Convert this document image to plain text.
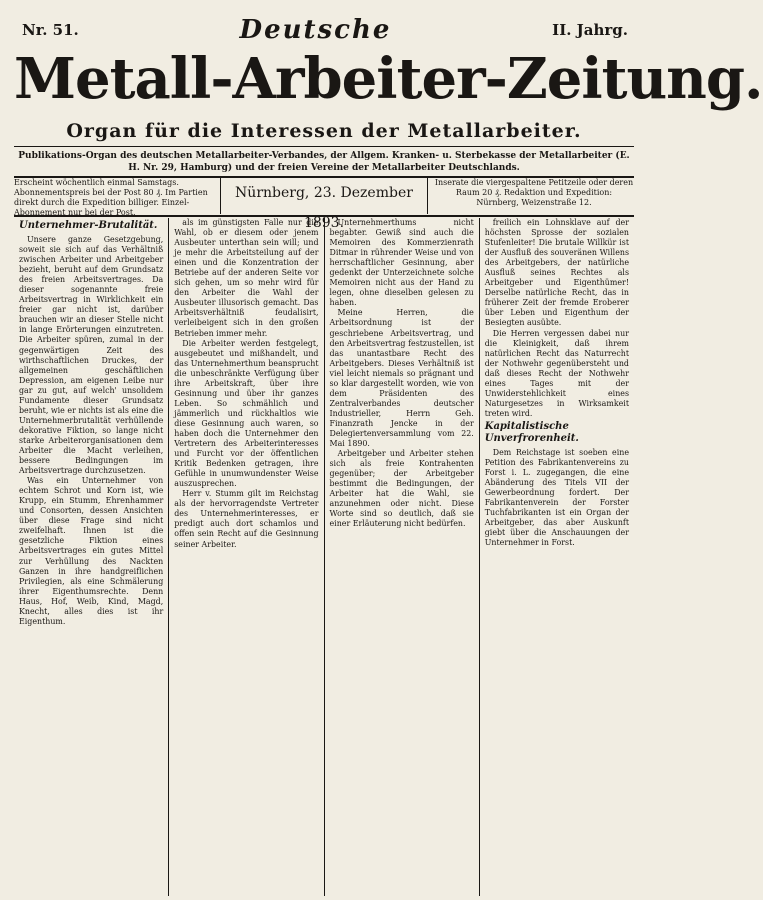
Nr. 51.	Deutsche	II. Jahrg.
Metall-Arbeiter-Zeitung.
Organ für die Interessen der Metallarbeiter.
Publikations-Organ des deutschen Metallarbeiter-Verbandes, der Allgem. Kranken- u. Sterbekasse der Metallarbeiter (E. H. Nr. 29, Hamburg) und der freien Vereine der Metallarbeiter Deutschlands.
Erscheint wöchentlich einmal Samstags. Abonnementspreis bei der Post 80 ₰. Im Partien direkt durch die Expedition billiger. Einzel-Abonnement nur bei der Post.
Nürnberg, 23. Dezember 1893.
Inserate die viergespaltene Petitzeile oder deren Raum 20 ₰. Redaktion und Expedition: Nürnberg, Weizenstraße 12.
Unternehmer-Brutalität.

Unsere ganze Gesetzgebung, soweit sie sich auf das Verhältniß zwischen Arbeiter und Arbeitgeber bezieht, beruht auf dem Grundsatz des freien Arbeitsvertrages. Da dieser sogenannte freie Arbeitsvertrag in Wirklichkeit ein freier gar nicht ist, darüber brauchen wir an dieser Stelle nicht in lange Erörterungen einzutreten. Die Arbeiter spüren, zumal in der gegenwärtigen Zeit des wirthschaftlichen Druckes, der allgemeinen geschäftlichen Depression, am eigenen Leibe nur gar zu gut, auf welch' unsolidem Fundamente dieser Grundsatz beruht, wie er nichts ist als eine die Unternehmerbrutalität verhüllende dekorative Fiktion, so lange nicht starke Arbeiterorganisationen dem Arbeiter die Macht verleihen, bessere Bedingungen im Arbeitsvertrage durchzusetzen.

Was ein Unternehmer von echtem Schrot und Korn ist, wie Krupp, ein Stumm, Ehrenhammer und Consorten, dessen Ansichten über diese Frage sind nicht zweifelhaft. Ihnen ist die gesetzliche Fiktion eines Arbeitsvertrages ein gutes Mittel zur Verhüllung des Nackten Ganzen in ihre handgreiflichen Privilegien, als eine Schmälerung ihrer Eigenthumsrechte. Denn Haus, Hof, Weib, Kind, Magd, Knecht, alles dies ist ihr Eigenthum.

als im günstigsten Falle nur die Wahl, ob er diesem oder jenem Ausbeuter unterthan sein will; und je mehr die Arbeitsteilung auf der einen und die Konzentration der Betriebe auf der anderen Seite vor sich gehen, um so mehr wird für den Arbeiter die Wahl der Ausbeuter illusorisch gemacht. Das Arbeitsverhältniß feudalisirt, verleibeigent sich in den großen Betrieben immer mehr.

Die Arbeiter werden festgelegt, ausgebeutet und mißhandelt, und das Unternehmerthum beansprucht die unbeschränkte Verfügung über ihre Arbeitskraft, über ihre Gesinnung und über ihr ganzes Leben. So schmählich und jämmerlich und rückhaltlos wie diese Gesinnung auch waren, so haben doch die Unternehmer den Vertretern des Arbeiterinteresses und Furcht vor der öffentlichen Kritik Bedenken getragen, ihre Gefühle in unumwundenster Weise auszusprechen.

Herr v. Stumm gilt im Reichstag als der hervorragendste Vertreter des Unternehmerinteresses, er predigt auch dort schamlos und offen sein Recht auf die Gesinnung seiner Arbeiter.

Unternehmerthums nicht begabter. Gewiß sind auch die Memoiren des Kommerzienrath Ditmar in rührender Weise und von herrschaftlicher Gesinnung, aber gedenkt der Unterzeichnete solche Memoiren nicht aus der Hand zu legen, ohne dieselben gelesen zu haben.

Meine Herren, die Arbeitsordnung ist der geschriebene Arbeitsvertrag, und den Arbeitsvertrag festzustellen, ist das unantastbare Recht des Arbeitgebers. Dieses Verhältniß ist viel leicht niemals so prägnant und so klar dargestellt worden, wie von dem Präsidenten des Zentralverbandes deutscher Industrieller, Herrn Geh. Finanzrath Jencke in der Delegiertenversammlung vom 22. Mai 1890.

Arbeitgeber und Arbeiter stehen sich als freie Kontrahenten gegenüber; der Arbeitgeber bestimmt die Bedingungen, der Arbeiter hat die Wahl, sie anzunehmen oder nicht. Diese Worte sind so deutlich, daß sie einer Erläuterung nicht bedürfen.

freilich ein Lohnsklave auf der höchsten Sprosse der sozialen Stufenleiter! Die brutale Willkür ist der Ausfluß des souveränen Willens des Arbeitgebers, der natürliche Ausfluß seines Rechtes als Arbeitgeber und Eigenthümer! Derselbe natürliche Recht, das in früherer Zeit der fremde Eroberer über Leben und Eigenthum der Besiegten ausübte.

Die Herren vergessen dabei nur die Kleinigkeit, daß ihrem natürlichen Recht das Naturrecht der Nothwehr gegenübersteht und daß dieses Recht der Nothwehr eines Tages mit der Unwiderstehlichkeit eines Naturgesetzes in Wirksamkeit treten wird.

Kapitalistische Unverfrorenheit.

Dem Reichstage ist soeben eine Petition des Fabrikantenvereins zu Forst i. L. zugegangen, die eine Abänderung des Titels VII der Gewerbeordnung fordert. Der Fabrikantenverein der Forster Tuchfabrikanten ist ein Organ der Arbeitgeber, das aber Auskunft giebt über die Anschauungen der Unternehmer in Forst.
